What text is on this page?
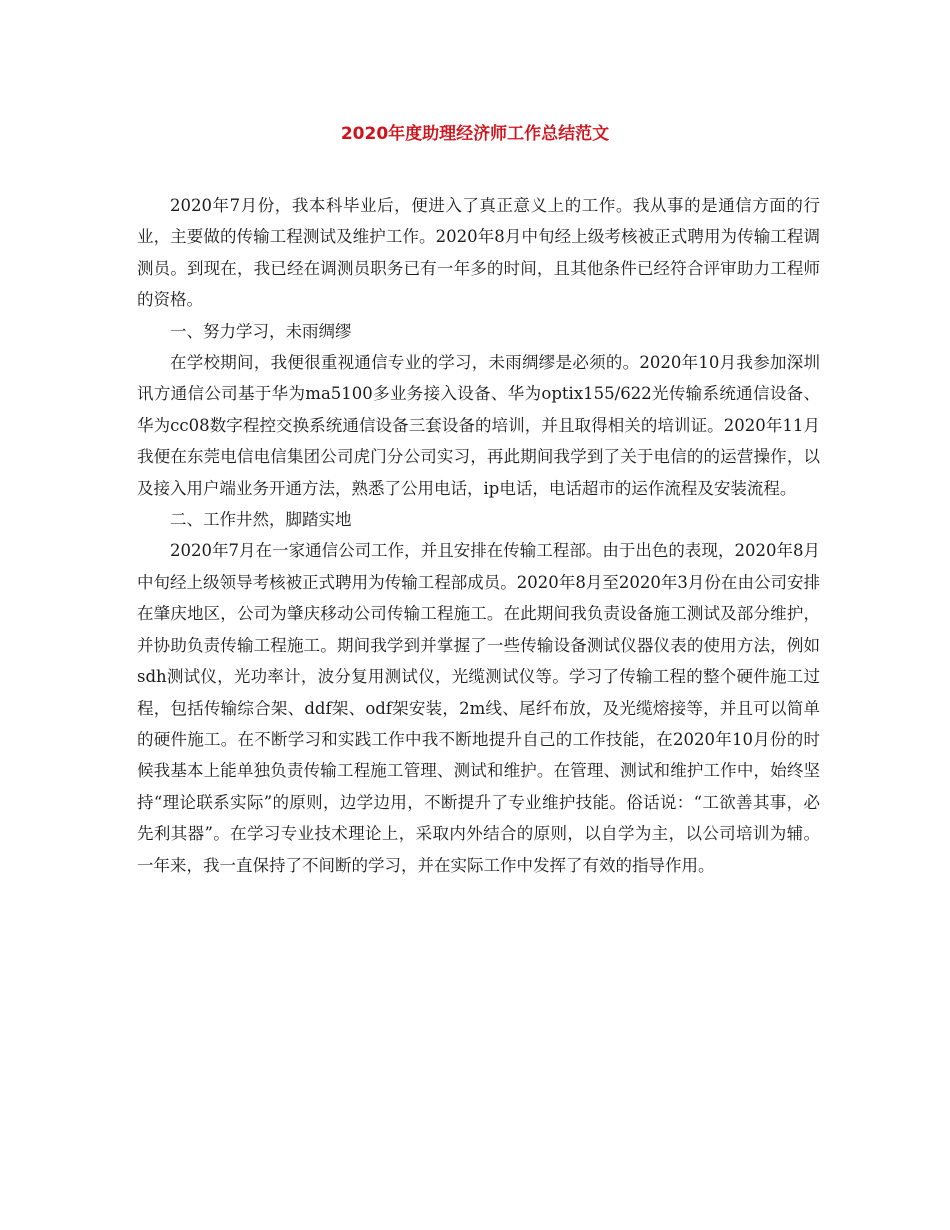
2020年度助理经济师工作总结范文

2020年7月份，我本科毕业后，便进入了真正意义上的工作。我从事的是通信方面的行业，主要做的传输工程测试及维护工作。2020年8月中旬经上级考核被正式聘用为传输工程调测员。到现在，我已经在调测员职务已有一年多的时间，且其他条件已经符合评审助力工程师的资格。

一、努力学习，未雨绸缪

在学校期间，我便很重视通信专业的学习，未雨绸缪是必须的。2020年10月我参加深圳讯方通信公司基于华为ma5100多业务接入设备、华为optix155/622光传输系统通信设备、华为cc08数字程控交换系统通信设备三套设备的培训，并且取得相关的培训证。2020年11月我便在东莞电信电信集团公司虎门分公司实习，再此期间我学到了关于电信的的运营操作，以及接入用户端业务开通方法，熟悉了公用电话，ip电话，电话超市的运作流程及安装流程。

二、工作井然，脚踏实地

2020年7月在一家通信公司工作，并且安排在传输工程部。由于出色的表现，2020年8月中旬经上级领导考核被正式聘用为传输工程部成员。2020年8月至2020年3月份在由公司安排在肇庆地区，公司为肇庆移动公司传输工程施工。在此期间我负责设备施工测试及部分维护，并协助负责传输工程施工。期间我学到并掌握了一些传输设备测试仪器仪表的使用方法，例如sdh测试仪，光功率计，波分复用测试仪，光缆测试仪等。学习了传输工程的整个硬件施工过程，包括传输综合架、ddf架、odf架安装，2m线、尾纤布放，及光缆熔接等，并且可以简单的硬件施工。在不断学习和实践工作中我不断地提升自己的工作技能，在2020年10月份的时候我基本上能单独负责传输工程施工管理、测试和维护。在管理、测试和维护工作中，始终坚持“理论联系实际”的原则，边学边用，不断提升了专业维护技能。俗话说：“工欲善其事，必先利其器”。在学习专业技术理论上，采取内外结合的原则，以自学为主，以公司培训为辅。一年来，我一直保持了不间断的学习，并在实际工作中发挥了有效的指导作用。
